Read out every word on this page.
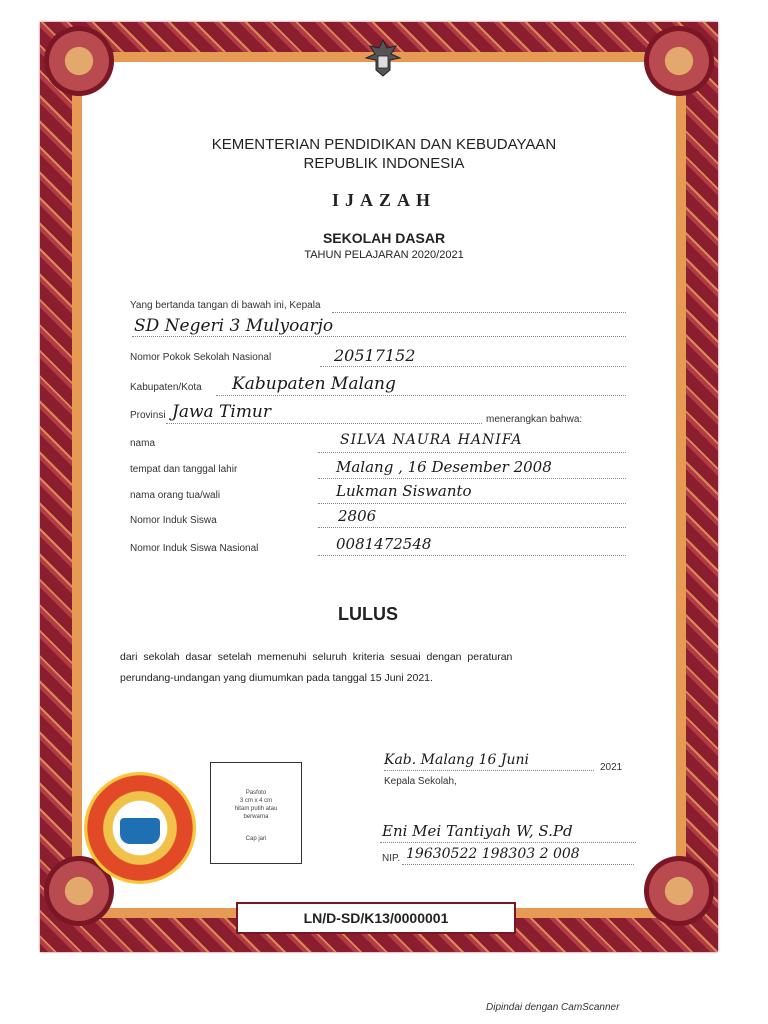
KEMENTERIAN PENDIDIKAN DAN KEBUDAYAAN
REPUBLIK INDONESIA
IJAZAH
SEKOLAH DASAR
TAHUN PELAJARAN 2020/2021
Yang bertanda tangan di bawah ini, Kepala
SD Negeri 3 Mulyoarjo
Nomor Pokok Sekolah Nasional	20517152
Kabupaten/Kota Kabupaten Malang
Provinsi Jawa Timur	menerangkan bahwa:
nama	SILVA NAURA HANIFA
tempat dan tanggal lahir	Malang , 16 Desember 2008
nama orang tua/wali	Lukman Siswanto
Nomor Induk Siswa	2806
Nomor Induk Siswa Nasional	0081472548
LULUS
dari sekolah dasar setelah memenuhi seluruh kriteria sesuai dengan peraturan
perundang-undangan yang diumumkan pada tanggal 15 Juni 2021.
Kab. Malang 16 Juni	2021
Kepala Sekolah,
Eni Mei Tantiyah W, S.Pd
NIP. 19630522 198303 2 008
Pasfoto
3 cm x 4 cm
hitam putih atau
berwarna
Cap jari
LN/D-SD/K13/0000001
Dipindai dengan CamScanner
